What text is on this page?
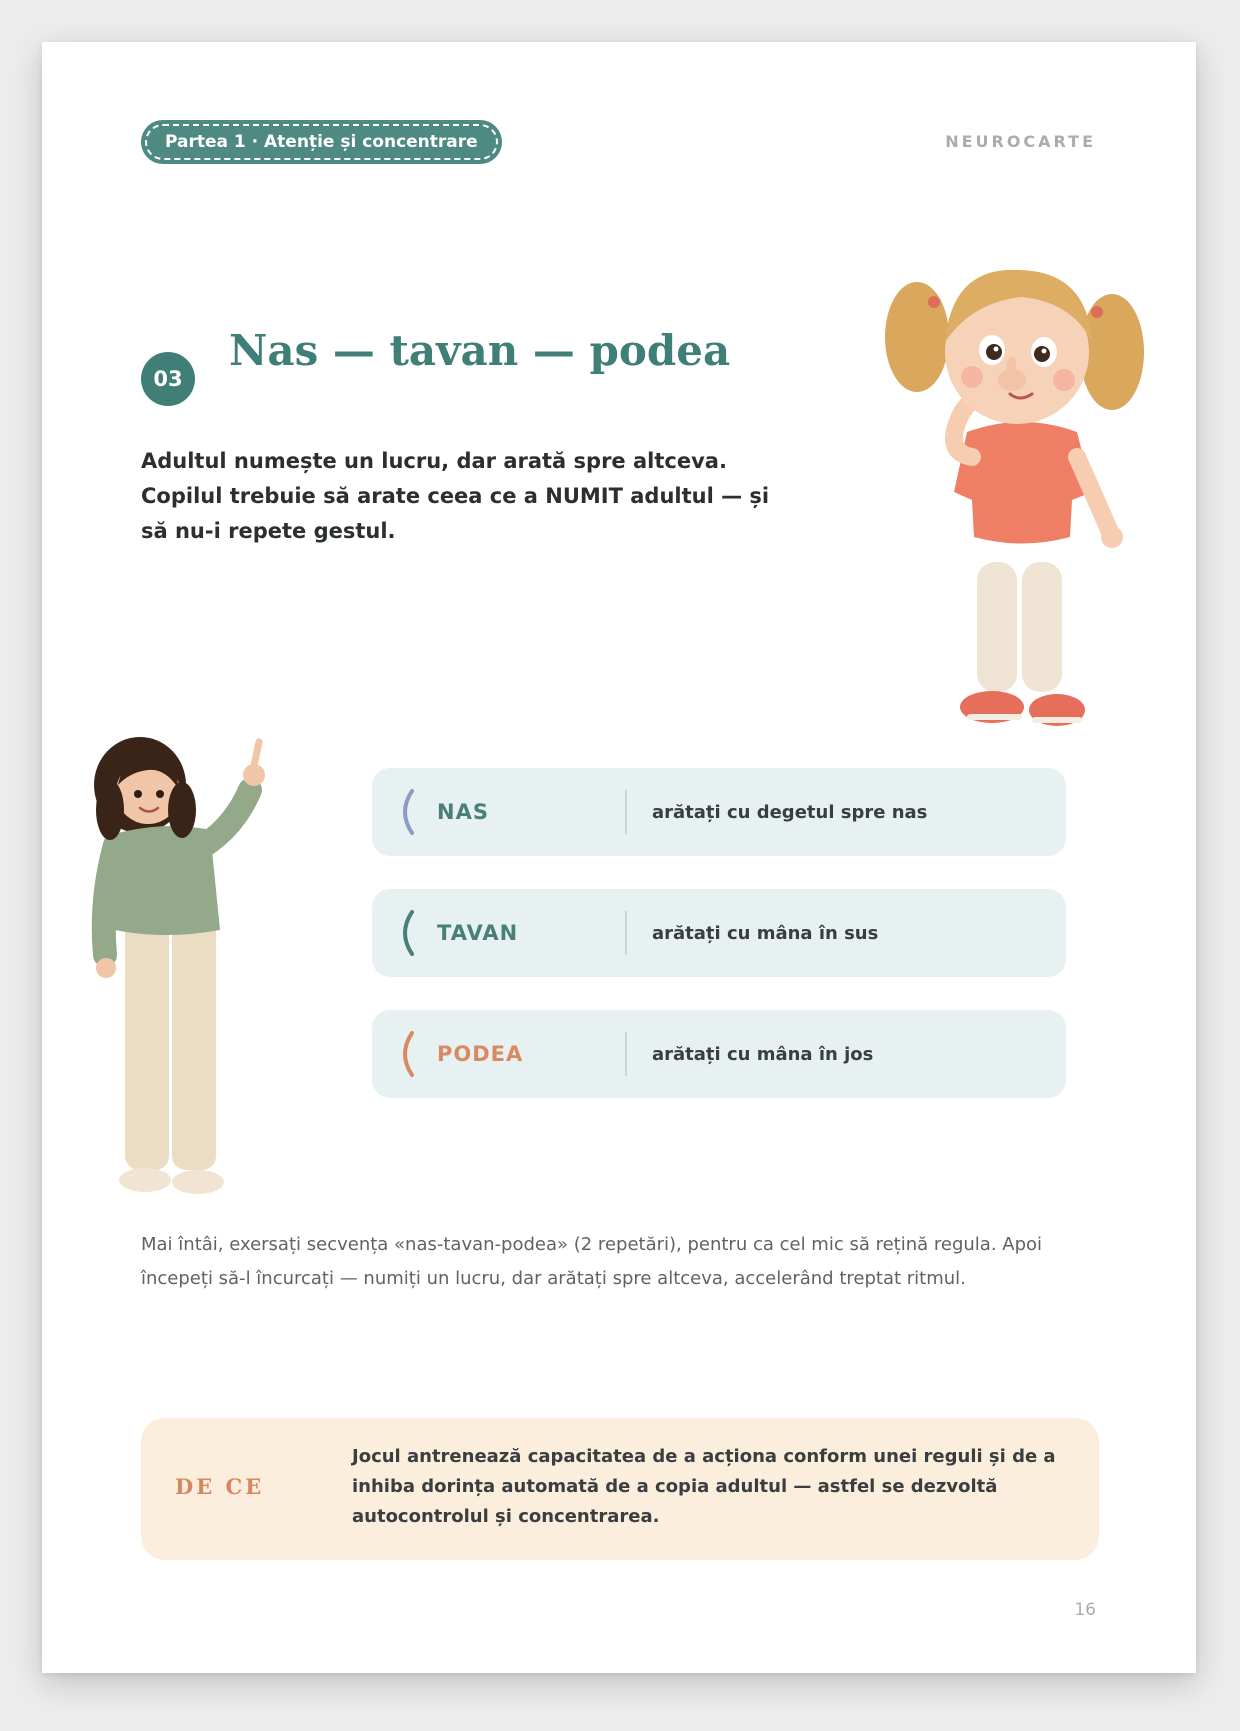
Partea 1 · Atenție și concentrare	NEUROCARTE
03
Nas — tavan — podea
Adultul numește un lucru, dar arată spre altceva. Copilul trebuie să arate ceea ce a NUMIT adultul — și să nu-i repete gestul.
NAS	arătați cu degetul spre nas
TAVAN	arătați cu mâna în sus
PODEA	arătați cu mâna în jos
Mai întâi, exersați secvența «nas-tavan-podea» (2 repetări), pentru ca cel mic să rețină regula. Apoi începeți să-l încurcați — numiți un lucru, dar arătați spre altceva, accelerând treptat ritmul.
DE CE
Jocul antrenează capacitatea de a acționa conform unei reguli și de a inhiba dorința automată de a copia adultul — astfel se dezvoltă autocontrolul și concentrarea.
16
